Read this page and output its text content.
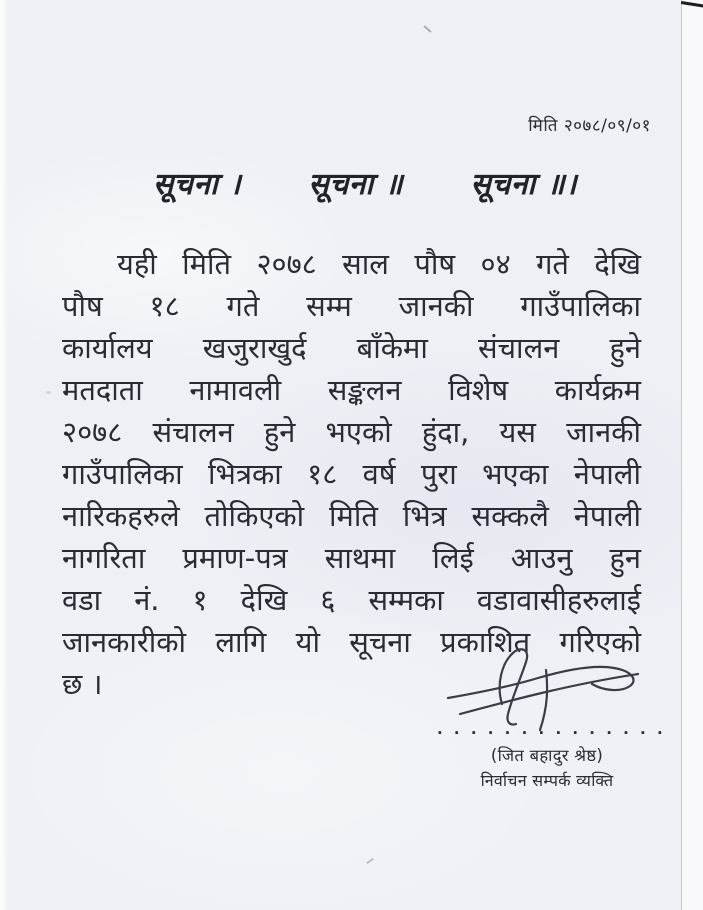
मिति २०७८/०९/०१
सूचना । सूचना ॥ सूचना ॥।
यही मिति २०७८ साल पौष ०४ गते देखि
पौष १८ गते सम्म जानकी गाउँपालिका
कार्यालय खजुराखुर्द बाँकेमा संचालन हुने
मतदाता नामावली सङ्कलन विशेष कार्यक्रम
२०७८ संचालन हुने भएको हुंदा, यस जानकी
गाउँपालिका भित्रका १८ वर्ष पुरा भएका नेपाली
नारिकहरुले तोकिएको मिति भित्र सक्कलै नेपाली
नागरिता प्रमाण-पत्र साथमा लिई आउनु हुन
वडा नं. १ देखि ६ सम्मका वडावासीहरुलाई
जानकारीको लागि यो सूचना प्रकाशित गरिएको
छ ।
. . . . . . . . . . . . . .
(जित बहादुर श्रेष्ठ)
निर्वाचन सम्पर्क व्यक्ति
